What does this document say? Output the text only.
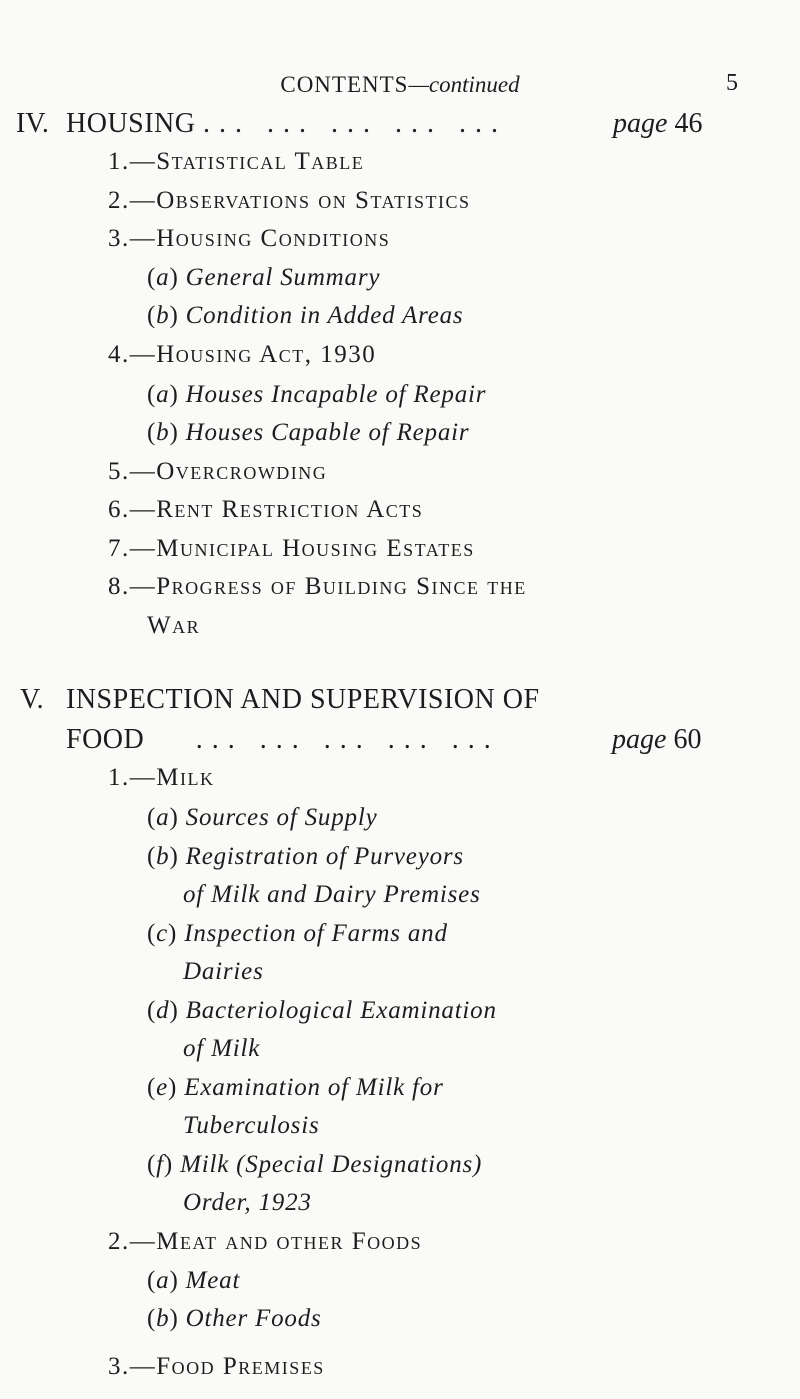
CONTENTS—continued	5
IV. HOUSING ... ... ... ... ...	page 46
1.—Statistical Table
2.—Observations on Statistics
3.—Housing Conditions
(a) General Summary
(b) Condition in Added Areas
4.—Housing Act, 1930
(a) Houses Incapable of Repair
(b) Houses Capable of Repair
5.—Overcrowding
6.—Rent Restriction Acts
7.—Municipal Housing Estates
8.—Progress of Building Since the
War
V. INSPECTION AND SUPERVISION OF
FOOD ... ... ... ... ...	page 60
1.—Milk
(a) Sources of Supply
(b) Registration of Purveyors
of Milk and Dairy Premises
(c) Inspection of Farms and
Dairies
(d) Bacteriological Examination
of Milk
(e) Examination of Milk for
Tuberculosis
(f) Milk (Special Designations)
Order, 1923
2.—Meat and other Foods
(a) Meat
(b) Other Foods
3.—Food Premises
